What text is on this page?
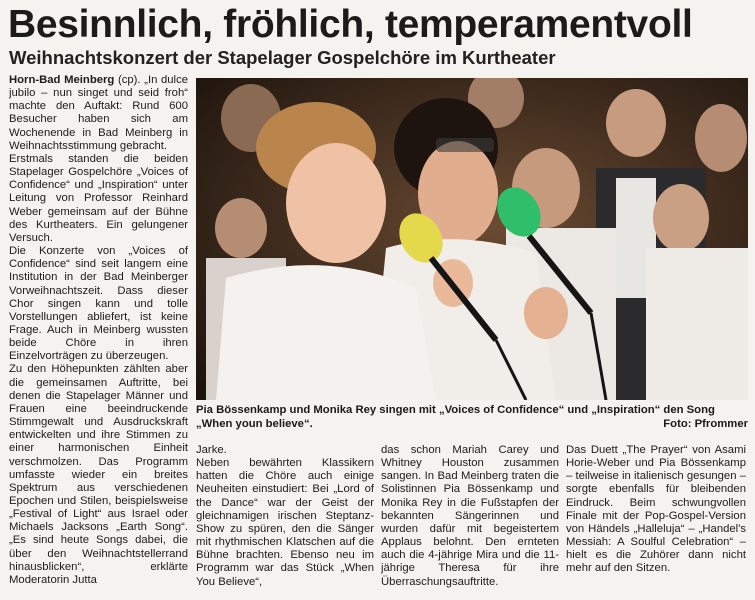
Besinnlich, fröhlich, temperamentvoll
Weihnachtskonzert der Stapelager Gospelchöre im Kurtheater

Horn-Bad Meinberg (cp). „In dulce jubilo – nun singet und seid froh“ machte den Auftakt: Rund 600 Besucher haben sich am Wochenende in Bad Meinberg in Weihnachtsstimmung gebracht.

Erstmals standen die beiden Stapelager Gospelchöre „Voices of Confidence“ und „Inspiration“ unter Leitung von Professor Reinhard Weber gemeinsam auf der Bühne des Kurtheaters. Ein gelungener Versuch.

Die Konzerte von „Voices of Confidence“ sind seit langem eine Institution in der Bad Meinberger Vorweihnachtszeit. Dass dieser Chor singen kann und tolle Vorstellungen abliefert, ist keine Frage. Auch in Meinberg wussten beide Chöre in ihren Einzelvorträgen zu überzeugen.

Zu den Höhepunkten zählten aber die gemeinsamen Auftritte, bei denen die Stapelager Männer und Frauen eine beeindruckende Stimmgewalt und Ausdruckskraft entwickelten und ihre Stimmen zu einer harmonischen Einheit verschmolzen. Das Programm umfasste wieder ein breites Spektrum aus verschiedenen Epochen und Stilen, beispielsweise „Festival of Light“ aus Israel oder Michaels Jacksons „Earth Song“. „Es sind heute Songs dabei, die über den Weihnachtstellerrand hinausblicken“, erklärte Moderatorin Jutta

Pia Bössenkamp und Monika Rey singen mit „Voices of Confidence“ und „Inspiration“ den Song „When youn believe“.	Foto: Pfrommer

Jarke.

Neben bewährten Klassikern hatten die Chöre auch einige Neuheiten einstudiert: Bei „Lord of the Dance“ war der Geist der gleichnamigen irischen Steptanz-Show zu spüren, den die Sänger mit rhythmischen Klatschen auf die Bühne brachten. Ebenso neu im Programm war das Stück „When You Believe“,

das schon Mariah Carey und Whitney Houston zusammen sangen. In Bad Meinberg traten die Solistinnen Pia Bössenkamp und Monika Rey in die Fußstapfen der bekannten Sängerinnen und wurden dafür mit begeistertem Applaus belohnt. Den ernteten auch die 4-jährige Mira und die 11-jährige Theresa für ihre Überraschungsauftritte.

Das Duett „The Prayer“ von Asami Horie-Weber und Pia Bössenkamp – teilweise in italienisch gesungen – sorgte ebenfalls für bleibenden Eindruck. Beim schwungvollen Finale mit der Pop-Gospel-Version von Händels „Halleluja“ – „Handel's Messiah: A Soulful Celebration“ – hielt es die Zuhörer dann nicht mehr auf den Sitzen.
